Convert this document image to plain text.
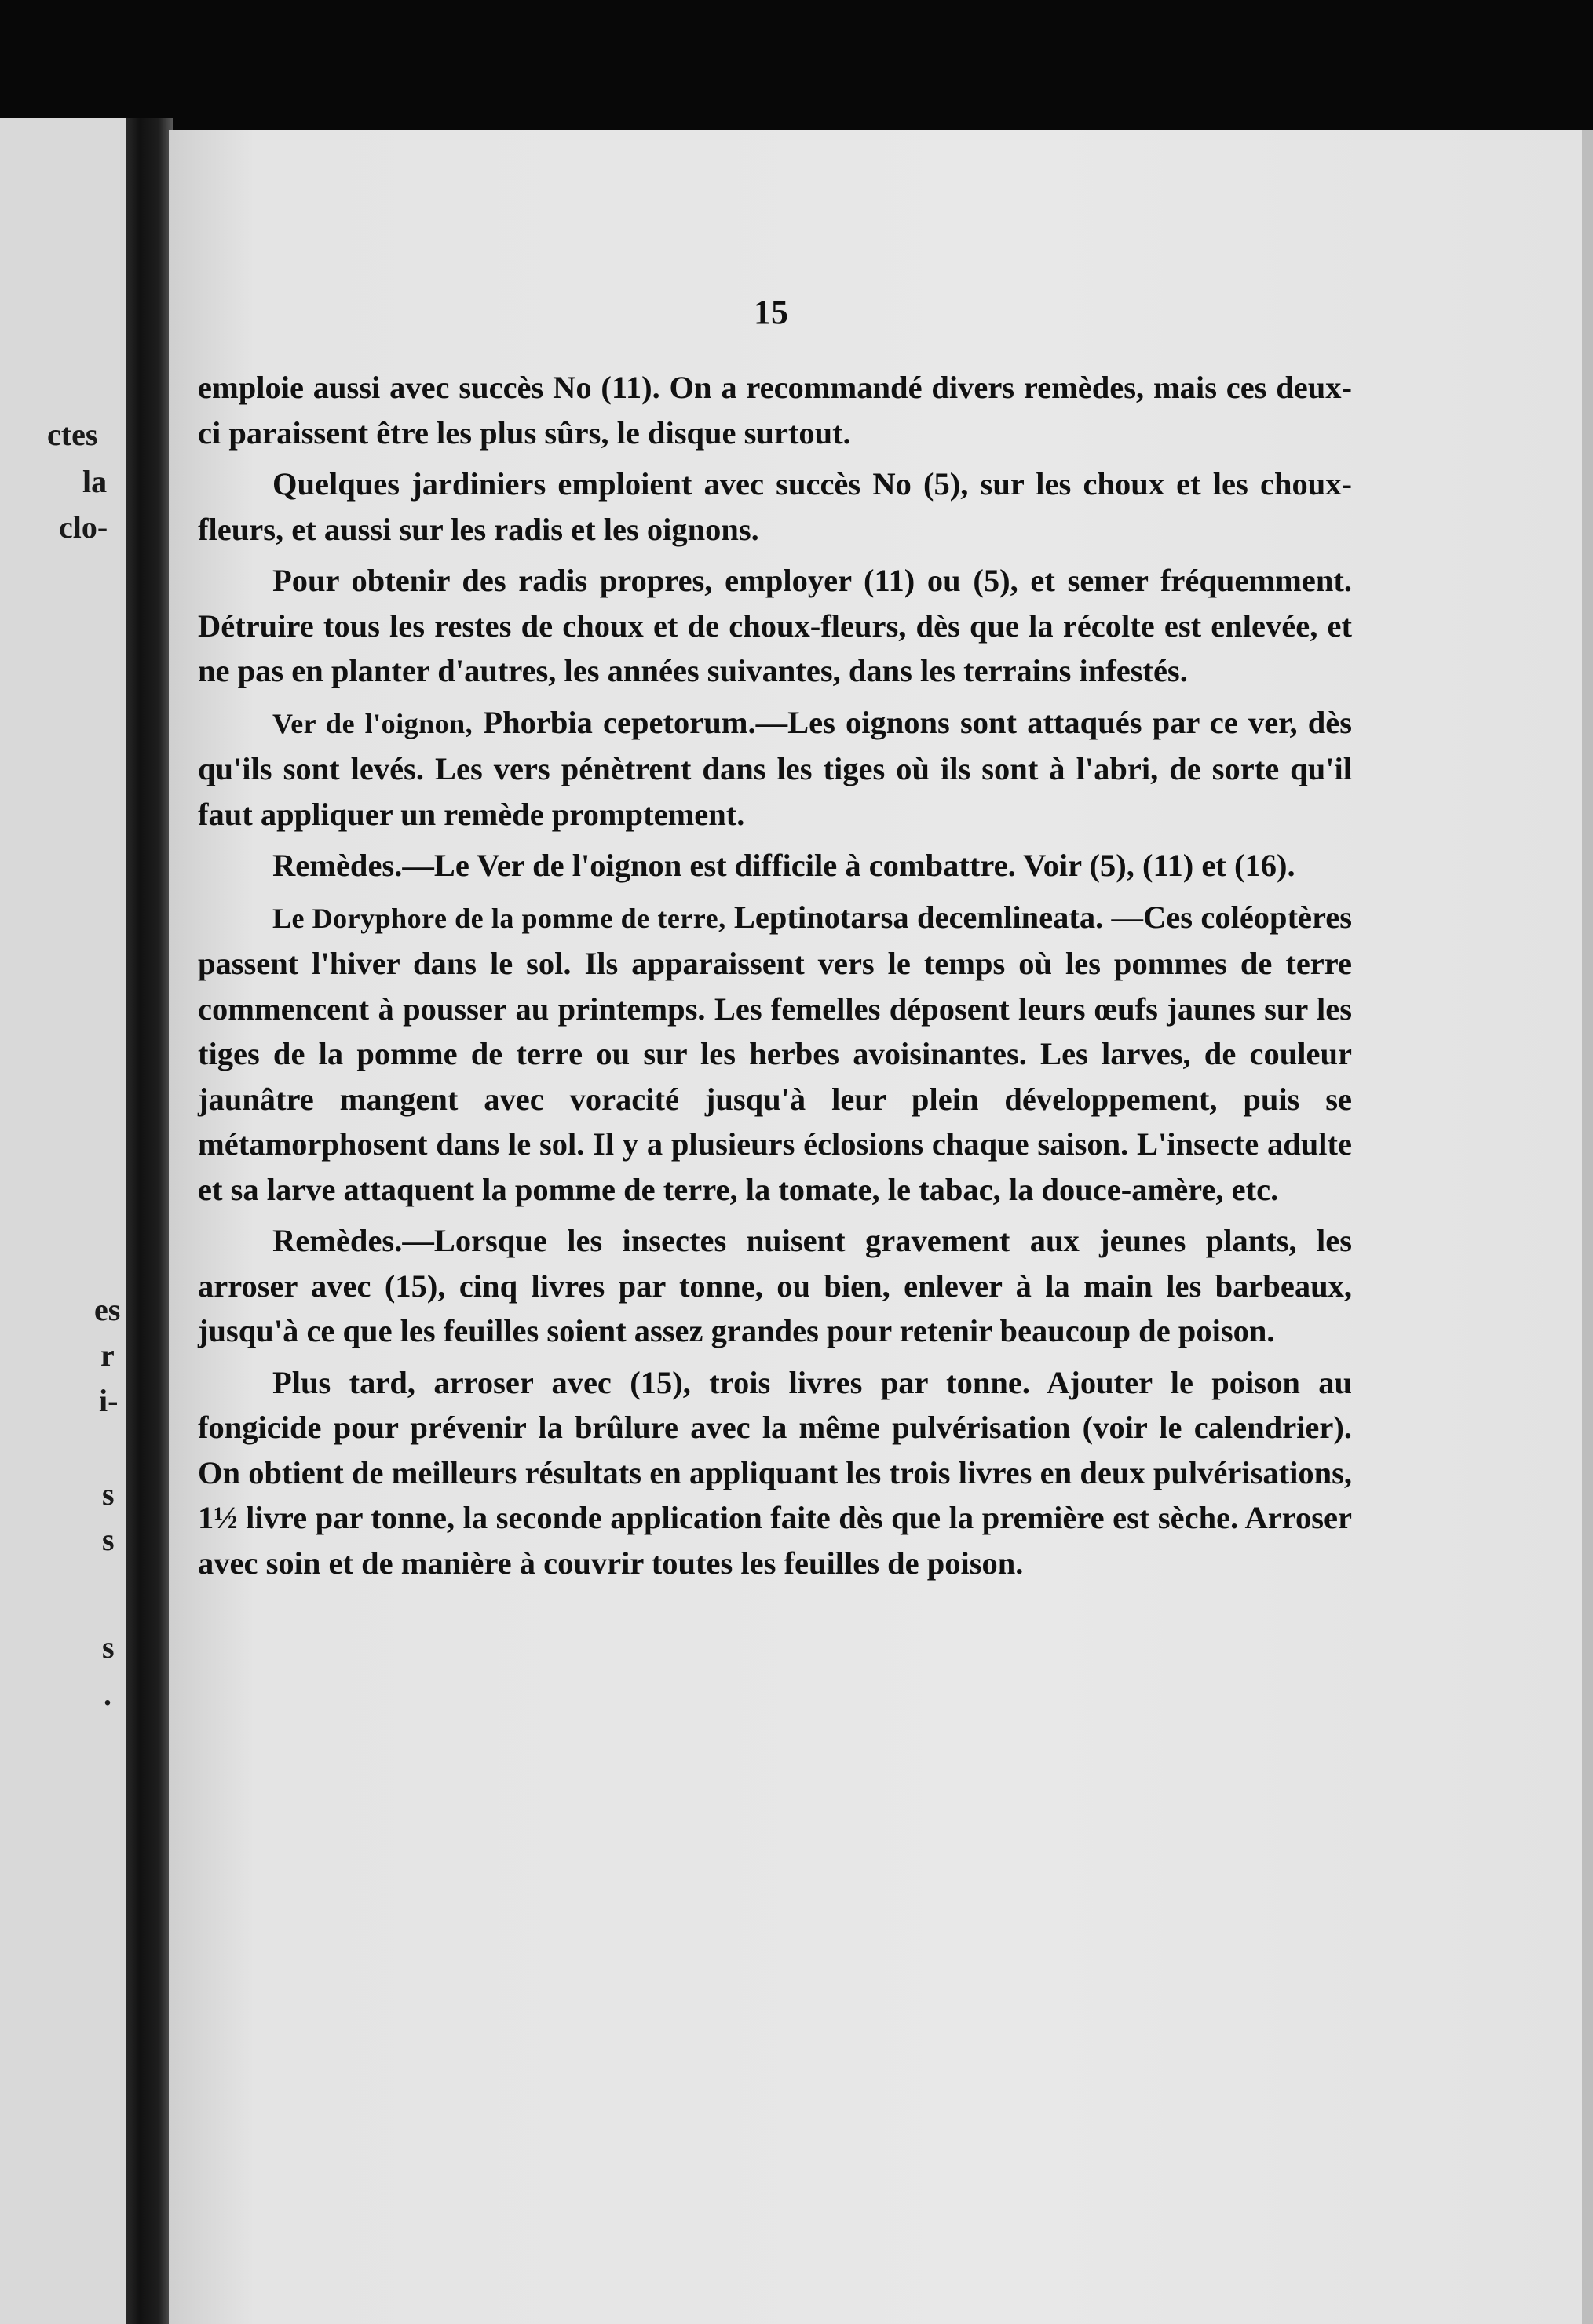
ctes
la
clo-
es
r
i-
s
s
s
.
15

emploie aussi avec succès No (11). On a recommandé divers remèdes, mais ces deux-ci paraissent être les plus sûrs, le disque surtout.

Quelques jardiniers emploient avec succès No (5), sur les choux et les choux-fleurs, et aussi sur les radis et les oignons.

Pour obtenir des radis propres, employer (11) ou (5), et semer fréquemment. Détruire tous les restes de choux et de choux-fleurs, dès que la récolte est enlevée, et ne pas en planter d'autres, les années suivantes, dans les terrains infestés.

Ver de l'oignon, Phorbia cepetorum.—Les oignons sont attaqués par ce ver, dès qu'ils sont levés. Les vers pénètrent dans les tiges où ils sont à l'abri, de sorte qu'il faut appliquer un remède promptement.

Remèdes.—Le Ver de l'oignon est difficile à combattre. Voir (5), (11) et (16).

Le Doryphore de la pomme de terre, Leptinotarsa decemlineata. —Ces coléoptères passent l'hiver dans le sol. Ils apparaissent vers le temps où les pommes de terre commencent à pousser au printemps. Les femelles déposent leurs œufs jaunes sur les tiges de la pomme de terre ou sur les herbes avoisinantes. Les larves, de couleur jaunâtre mangent avec voracité jusqu'à leur plein développement, puis se métamorphosent dans le sol. Il y a plusieurs éclosions chaque saison. L'insecte adulte et sa larve attaquent la pomme de terre, la tomate, le tabac, la douce-amère, etc.

Remèdes.—Lorsque les insectes nuisent gravement aux jeunes plants, les arroser avec (15), cinq livres par tonne, ou bien, enlever à la main les barbeaux, jusqu'à ce que les feuilles soient assez grandes pour retenir beaucoup de poison.

Plus tard, arroser avec (15), trois livres par tonne. Ajouter le poison au fongicide pour prévenir la brûlure avec la même pulvérisation (voir le calendrier). On obtient de meilleurs résultats en appliquant les trois livres en deux pulvérisations, 1½ livre par tonne, la seconde application faite dès que la première est sèche. Arroser avec soin et de manière à couvrir toutes les feuilles de poison.
